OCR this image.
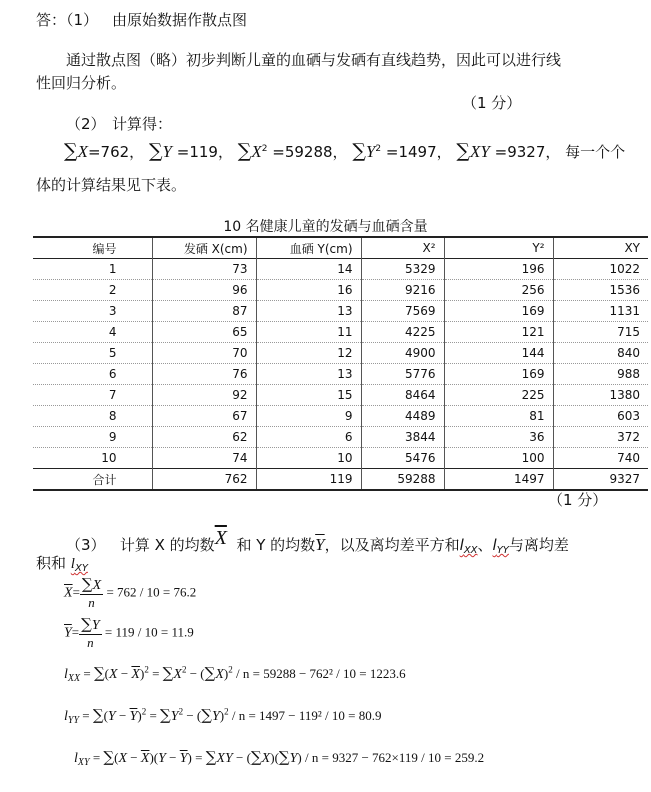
答：（1） 由原始数据作散点图
通过散点图（略）初步判断儿童的血硒与发硒有直线趋势，因此可以进行线
性回归分析。
（1 分）
（2） 计算得：
∑X=762， ∑Y =119， $\sum X^2 =59288$， $\sum Y^2 =1497$， ∑XY =9327， 每一个个
体的计算结果见下表。
10 名健康儿童的发硒与血硒含量
编号	发硒 X(cm)	血硒 Y(cm)	X²	Y²	XY
1	73	14	5329	196	1022
2	96	16	9216	256	1536
3	87	13	7569	169	1131
4	65	11	4225	121	715
5	70	12	4900	144	840
6	76	13	5776	169	988
7	92	15	8464	225	1380
8	67	9	4489	81	603
9	62	6	3844	36	372
10	74	10	5476	100	740
合计	762	119	59288	1497	9327
（1 分）
（3） 计算 X 的均数$\overline{X}$ 和 Y 的均数$\overline{Y}$，以及离均差平方和$l_{XX}$、$l_{YY}$与离均差
积和 $l_{XY}$
$\overline{X}= \frac{\sum X}{n} = 762 / 10 = 76.2$
$\overline{Y}= \frac{\sum Y}{n} = 119 / 10 = 11.9$
$l_{XX} = \sum(X - \overline{X})^2 = \sum X^2 - (\sum X)^2 / n = 59288 - 762^2 / 10 = 1223.6$
$l_{YY} = \sum(Y - \overline{Y})^2 = \sum Y^2 - (\sum Y)^2 / n = 1497 - 119^2 / 10 = 80.9$
$l_{XY} = \sum(X - \overline{X})(Y - \overline{Y}) = \sum XY - (\sum X)(\sum Y) / n = 9327 - 762\times 119 / 10 = 259.2$
